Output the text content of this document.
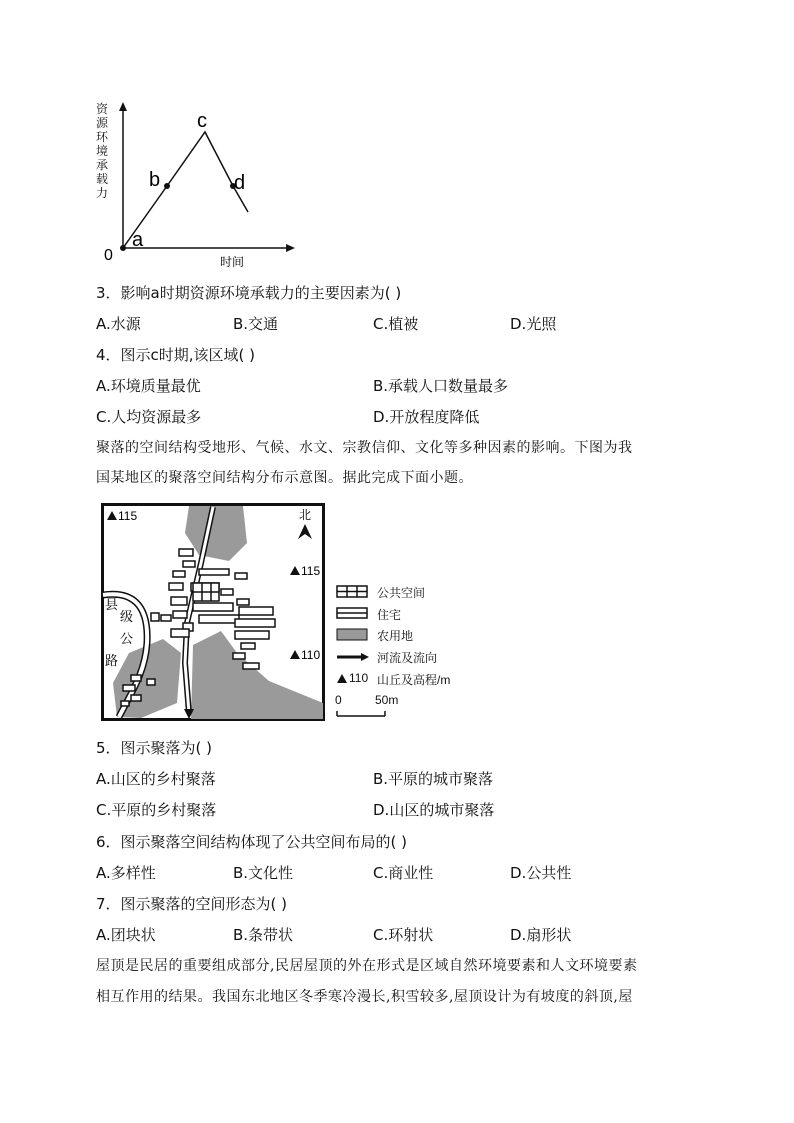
0
a
b
c
d
时间
资源环境承载力
3．影响a时期资源环境承载力的主要因素为( )
A.水源	B.交通	C.植被	D.光照
4．图示c时期,该区域( )
A.环境质量最优	B.承载人口数量最多
C.人均资源最多	D.开放程度降低
聚落的空间结构受地形、气候、水文、宗教信仰、文化等多种因素的影响。下图为我
国某地区的聚落空间结构分布示意图。据此完成下面小题。
北
115
115
110
县
级
公
路
公共空间
住宅
农用地
河流及流向
110 山丘及高程/m
0	50m
5．图示聚落为( )
A.山区的乡村聚落	B.平原的城市聚落
C.平原的乡村聚落	D.山区的城市聚落
6．图示聚落空间结构体现了公共空间布局的( )
A.多样性	B.文化性	C.商业性	D.公共性
7．图示聚落的空间形态为( )
A.团块状	B.条带状	C.环射状	D.扇形状
屋顶是民居的重要组成部分,民居屋顶的外在形式是区域自然环境要素和人文环境要素
相互作用的结果。我国东北地区冬季寒冷漫长,积雪较多,屋顶设计为有坡度的斜顶,屋
